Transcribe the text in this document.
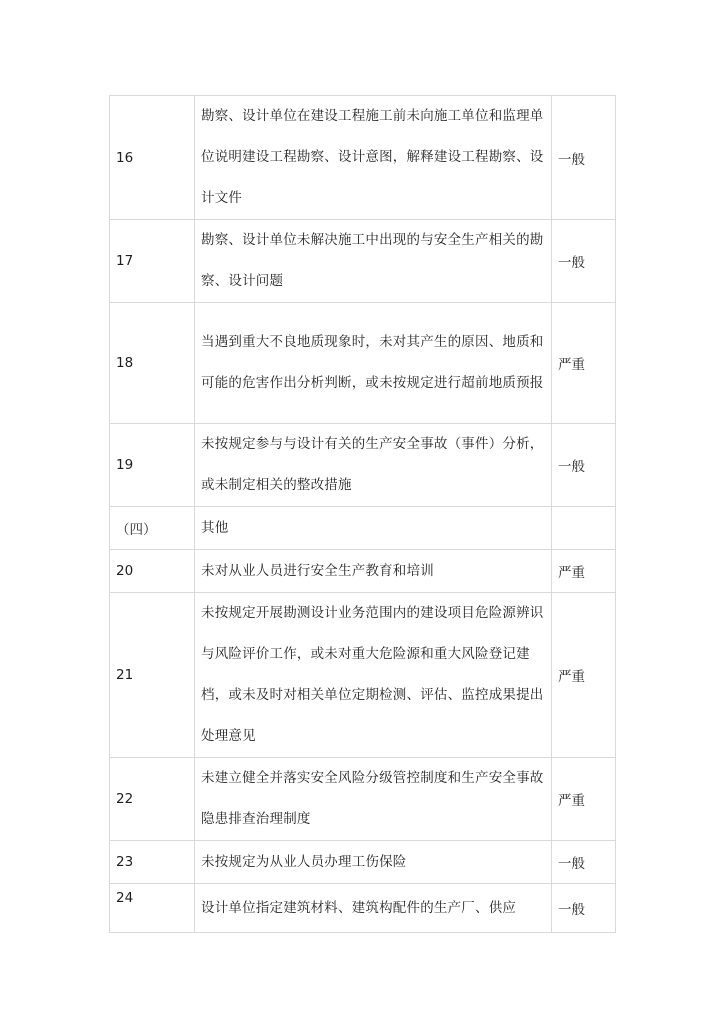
16	勘察、设计单位在建设工程施工前未向施工单位和监理单位说明建设工程勘察、设计意图，解释建设工程勘察、设计文件	一般
17	勘察、设计单位未解决施工中出现的与安全生产相关的勘察、设计问题	一般
18	当遇到重大不良地质现象时，未对其产生的原因、地质和可能的危害作出分析判断，或未按规定进行超前地质预报	严重
19	未按规定参与与设计有关的生产安全事故（事件）分析，或未制定相关的整改措施	一般
（四）	其他	

20	未对从业人员进行安全生产教育和培训	严重
21	未按规定开展勘测设计业务范围内的建设项目危险源辨识与风险评价工作，或未对重大危险源和重大风险登记建档，或未及时对相关单位定期检测、评估、监控成果提出处理意见	严重
22	未建立健全并落实安全风险分级管控制度和生产安全事故隐患排查治理制度	严重
23	未按规定为从业人员办理工伤保险	一般
24	设计单位指定建筑材料、建筑构配件的生产厂、供应	一般
